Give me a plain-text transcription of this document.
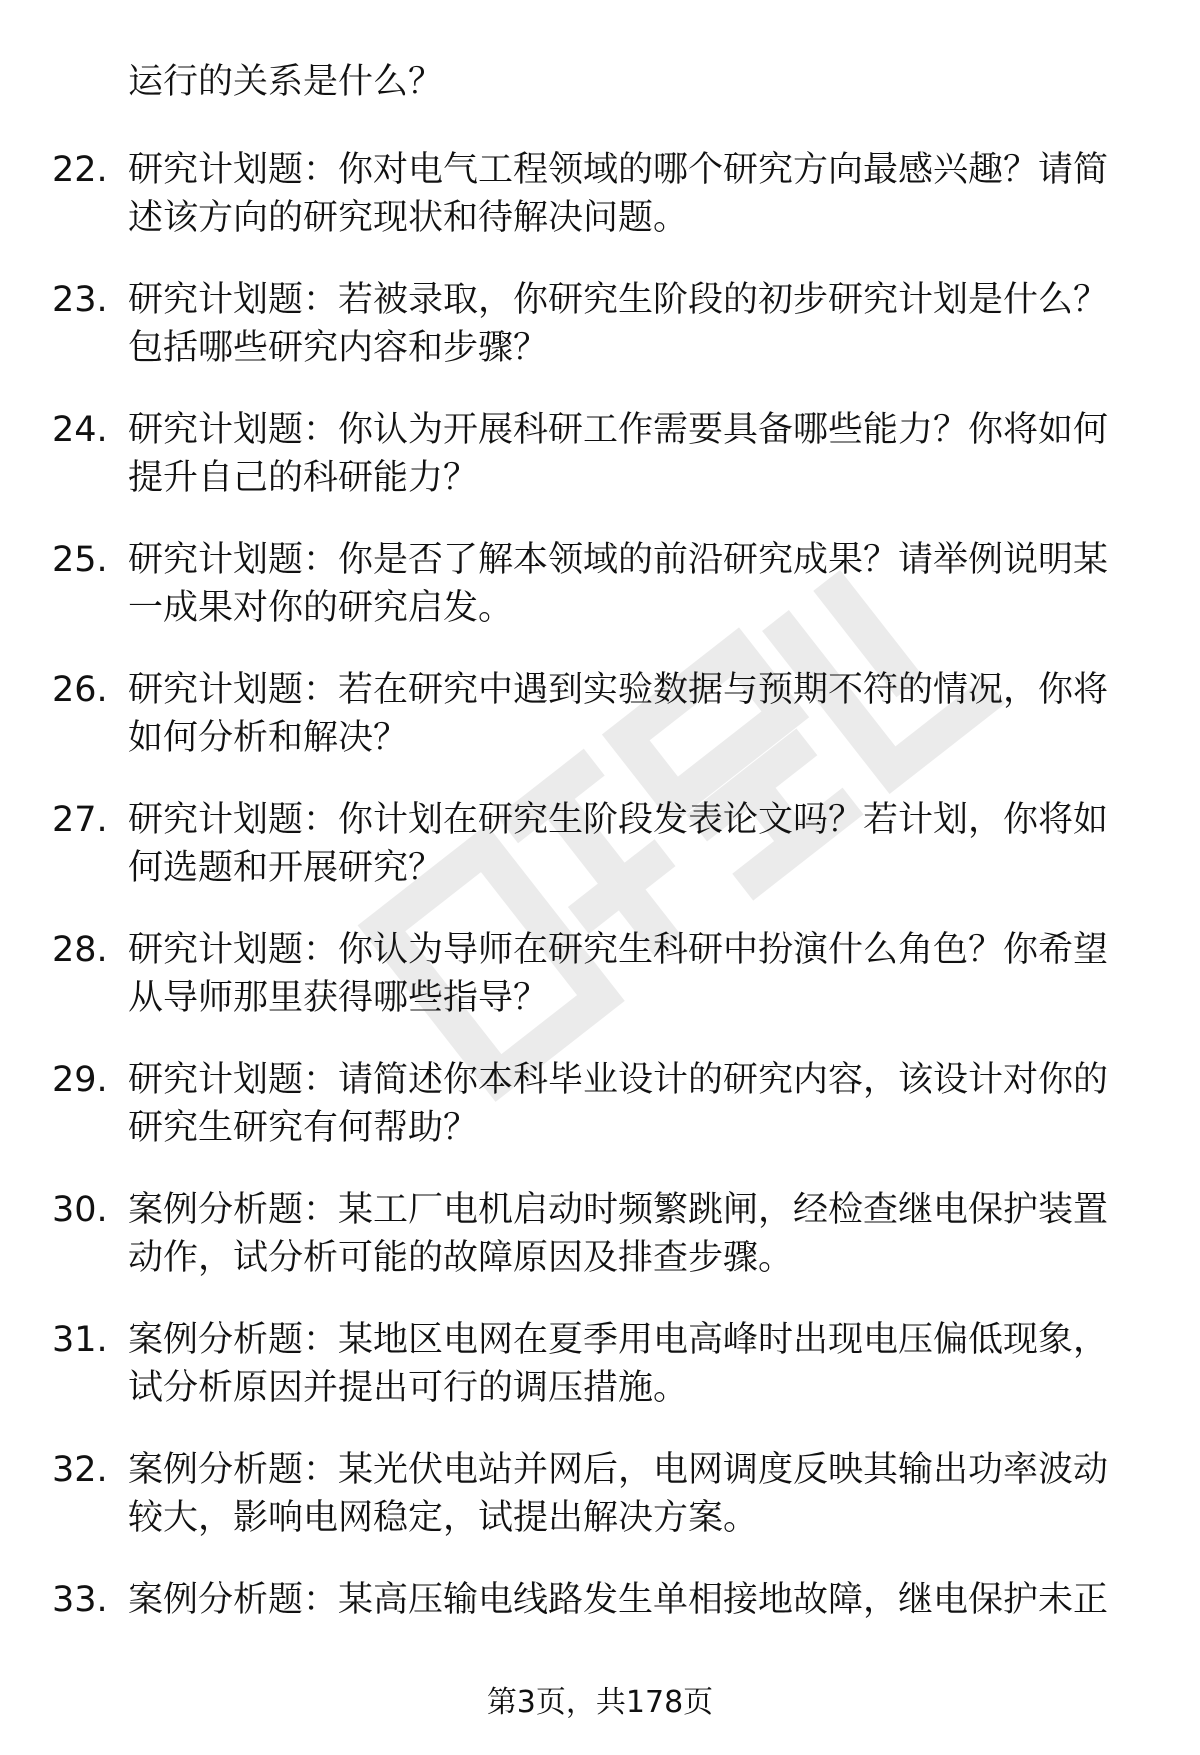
运行的关系是什么？
22. 研究计划题：你对电气工程领域的哪个研究方向最感兴趣？请简述该方向的研究现状和待解决问题。
23. 研究计划题：若被录取，你研究生阶段的初步研究计划是什么？包括哪些研究内容和步骤？
24. 研究计划题：你认为开展科研工作需要具备哪些能力？你将如何提升自己的科研能力？
25. 研究计划题：你是否了解本领域的前沿研究成果？请举例说明某一成果对你的研究启发。
26. 研究计划题：若在研究中遇到实验数据与预期不符的情况，你将如何分析和解决？
27. 研究计划题：你计划在研究生阶段发表论文吗？若计划，你将如何选题和开展研究？
28. 研究计划题：你认为导师在研究生科研中扮演什么角色？你希望从导师那里获得哪些指导？
29. 研究计划题：请简述你本科毕业设计的研究内容，该设计对你的研究生研究有何帮助？
30. 案例分析题：某工厂电机启动时频繁跳闸，经检查继电保护装置动作，试分析可能的故障原因及排查步骤。
31. 案例分析题：某地区电网在夏季用电高峰时出现电压偏低现象，试分析原因并提出可行的调压措施。
32. 案例分析题：某光伏电站并网后，电网调度反映其输出功率波动较大，影响电网稳定，试提出解决方案。
33. 案例分析题：某高压输电线路发生单相接地故障，继电保护未正
第3页，共178页
